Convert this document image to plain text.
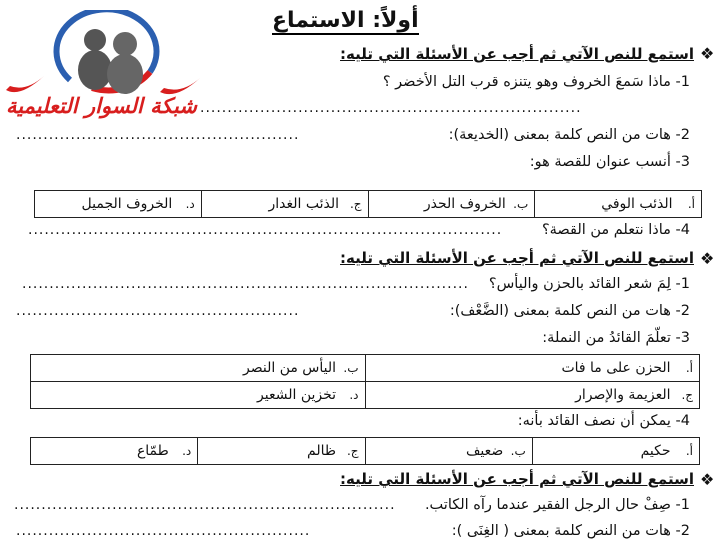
شبكة السوار التعليمية
أولاً: الاستماع
❖
استمع للنص الآتي ثم أجب عن الأسئلة التي تليه:
1- ماذا سَمعَ الخروف وهو يتنزه قرب التل الأخضر ؟
......................................................................
2- هات من النص كلمة بمعنى (الخديعة):
....................................................
3- أنسب عنوان للقصة هو:
أ. الذئب الوفي	ب. الخروف الحذر	ج. الذئب الغدار	د. الخروف الجميل
4- ماذا نتعلم من القصة؟
.......................................................................................
❖
استمع للنص الآتي ثم أجب عن الأسئلة التي تليه:
1- لِمَ شعر القائد بالحزن واليأس؟
..................................................................................
2- هات من النص كلمة بمعنى (الضَّعْف):
....................................................
3- تعلّمَ القائدُ من النملة:
أ. الحزن على ما فات	ب. اليأس من النصر
ج. العزيمة والإصرار	د. تخزين الشعير
4- يمكن أن نصف القائد بأنه:
أ. حكيم	ب. ضعيف	ج. ظالم	د. طمّاع
❖
استمع للنص الآتي ثم أجب عن الأسئلة التي تليه:
1- صِفْ حال الرجل الفقير عندما رآه الكاتب.
......................................................................
2- هات من النص كلمة بمعنى ( الغِنَى ):
......................................................
